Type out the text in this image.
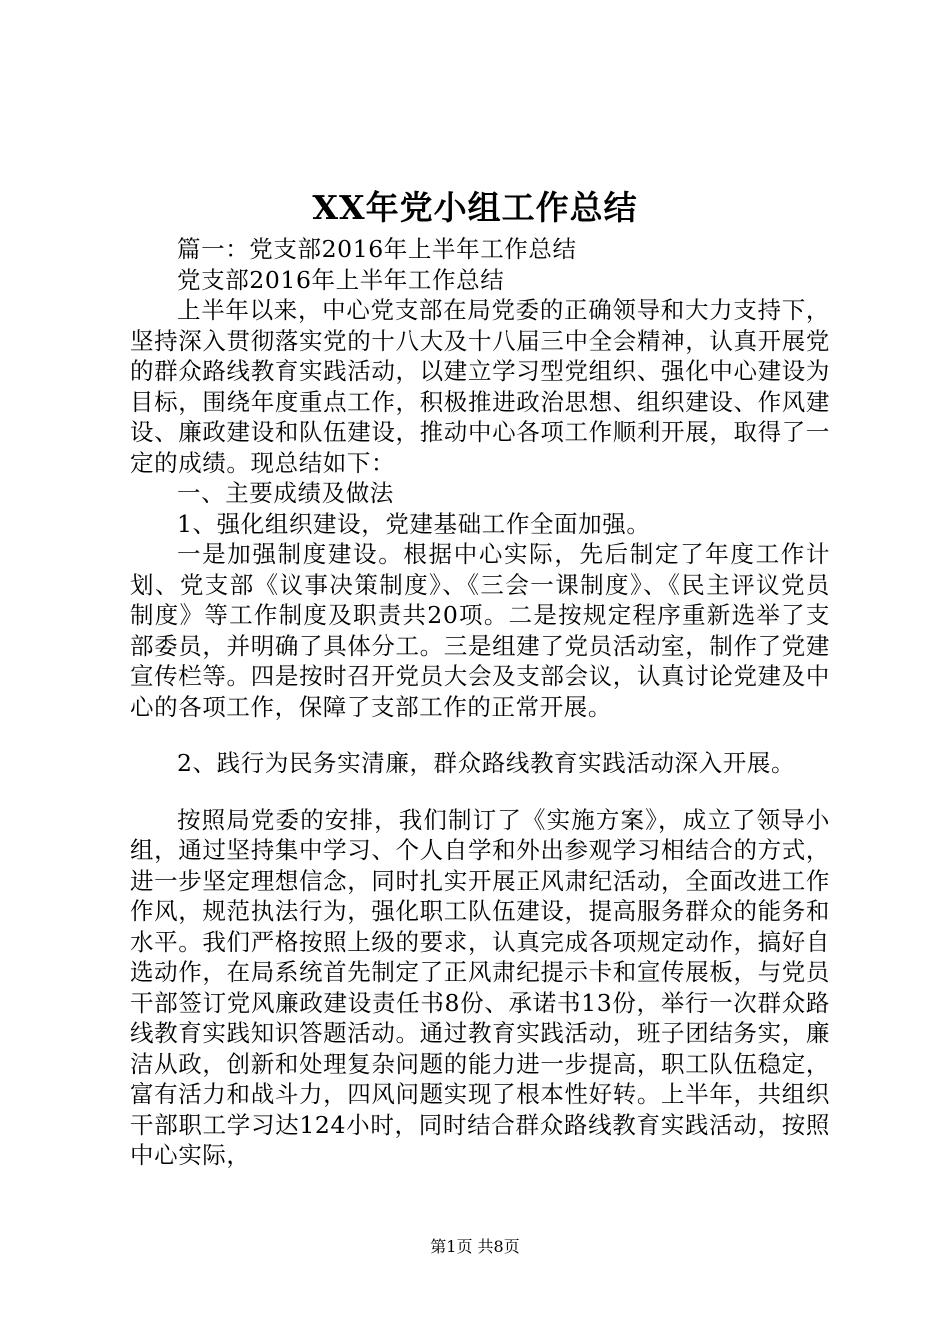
XX年党小组工作总结

篇一：党支部2016年上半年工作总结

党支部2016年上半年工作总结

上半年以来，中心党支部在局党委的正确领导和大力支持下，坚持深入贯彻落实党的十八大及十八届三中全会精神，认真开展党的群众路线教育实践活动，以建立学习型党组织、强化中心建设为目标，围绕年度重点工作，积极推进政治思想、组织建设、作风建设、廉政建设和队伍建设，推动中心各项工作顺利开展，取得了一定的成绩。现总结如下：

一、主要成绩及做法

1、强化组织建设，党建基础工作全面加强。

一是加强制度建设。根据中心实际，先后制定了年度工作计划、党支部《议事决策制度》、《三会一课制度》、《民主评议党员制度》等工作制度及职责共20项。二是按规定程序重新选举了支部委员，并明确了具体分工。三是组建了党员活动室，制作了党建宣传栏等。四是按时召开党员大会及支部会议，认真讨论党建及中心的各项工作，保障了支部工作的正常开展。

2、践行为民务实清廉，群众路线教育实践活动深入开展。

按照局党委的安排，我们制订了《实施方案》，成立了领导小组，通过坚持集中学习、个人自学和外出参观学习相结合的方式，进一步坚定理想信念，同时扎实开展正风肃纪活动，全面改进工作作风，规范执法行为，强化职工队伍建设，提高服务群众的能务和水平。我们严格按照上级的要求，认真完成各项规定动作，搞好自选动作，在局系统首先制定了正风肃纪提示卡和宣传展板，与党员干部签订党风廉政建设责任书8份、承诺书13份，举行一次群众路线教育实践知识答题活动。通过教育实践活动，班子团结务实，廉洁从政，创新和处理复杂问题的能力进一步提高，职工队伍稳定，富有活力和战斗力，四风问题实现了根本性好转。上半年，共组织干部职工学习达124小时，同时结合群众路线教育实践活动，按照中心实际，

第1页 共8页
